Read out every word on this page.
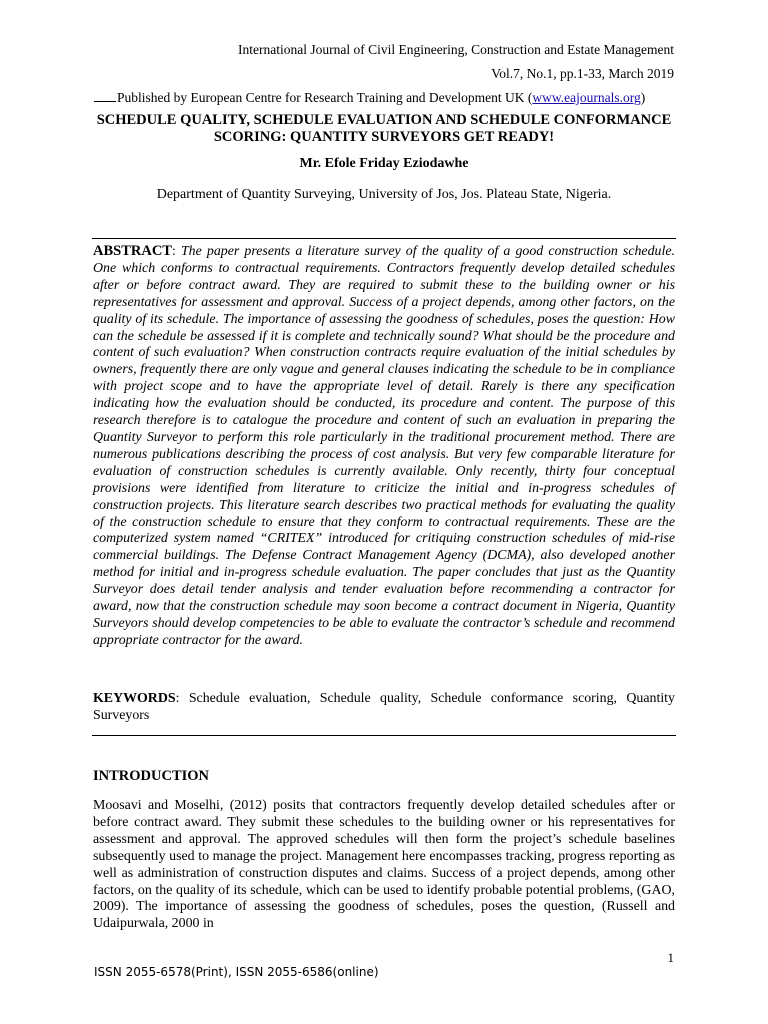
International Journal of Civil Engineering, Construction and Estate Management
Vol.7, No.1, pp.1-33, March 2019
Published by European Centre for Research Training and Development UK (www.eajournals.org)
SCHEDULE QUALITY, SCHEDULE EVALUATION AND SCHEDULE CONFORMANCE SCORING: QUANTITY SURVEYORS GET READY!
Mr. Efole Friday Eziodawhe
Department of Quantity Surveying, University of Jos, Jos. Plateau State, Nigeria.
ABSTRACT: The paper presents a literature survey of the quality of a good construction schedule. One which conforms to contractual requirements. Contractors frequently develop detailed schedules after or before contract award. They are required to submit these to the building owner or his representatives for assessment and approval. Success of a project depends, among other factors, on the quality of its schedule. The importance of assessing the goodness of schedules, poses the question: How can the schedule be assessed if it is complete and technically sound? What should be the procedure and content of such evaluation? When construction contracts require evaluation of the initial schedules by owners, frequently there are only vague and general clauses indicating the schedule to be in compliance with project scope and to have the appropriate level of detail. Rarely is there any specification indicating how the evaluation should be conducted, its procedure and content. The purpose of this research therefore is to catalogue the procedure and content of such an evaluation in preparing the Quantity Surveyor to perform this role particularly in the traditional procurement method. There are numerous publications describing the process of cost analysis. But very few comparable literature for evaluation of construction schedules is currently available. Only recently, thirty four conceptual provisions were identified from literature to criticize the initial and in-progress schedules of construction projects. This literature search describes two practical methods for evaluating the quality of the construction schedule to ensure that they conform to contractual requirements. These are the computerized system named “CRITEX” introduced for critiquing construction schedules of mid-rise commercial buildings. The Defense Contract Management Agency (DCMA), also developed another method for initial and in-progress schedule evaluation. The paper concludes that just as the Quantity Surveyor does detail tender analysis and tender evaluation before recommending a contractor for award, now that the construction schedule may soon become a contract document in Nigeria, Quantity Surveyors should develop competencies to be able to evaluate the contractor’s schedule and recommend appropriate contractor for the award.
KEYWORDS: Schedule evaluation, Schedule quality, Schedule conformance scoring, Quantity Surveyors
INTRODUCTION
Moosavi and Moselhi, (2012) posits that contractors frequently develop detailed schedules after or before contract award. They submit these schedules to the building owner or his representatives for assessment and approval. The approved schedules will then form the project’s schedule baselines subsequently used to manage the project. Management here encompasses tracking, progress reporting as well as administration of construction disputes and claims. Success of a project depends, among other factors, on the quality of its schedule, which can be used to identify probable potential problems, (GAO, 2009). The importance of assessing the goodness of schedules, poses the question, (Russell and Udaipurwala, 2000 in
1
ISSN 2055-6578(Print), ISSN 2055-6586(online)
